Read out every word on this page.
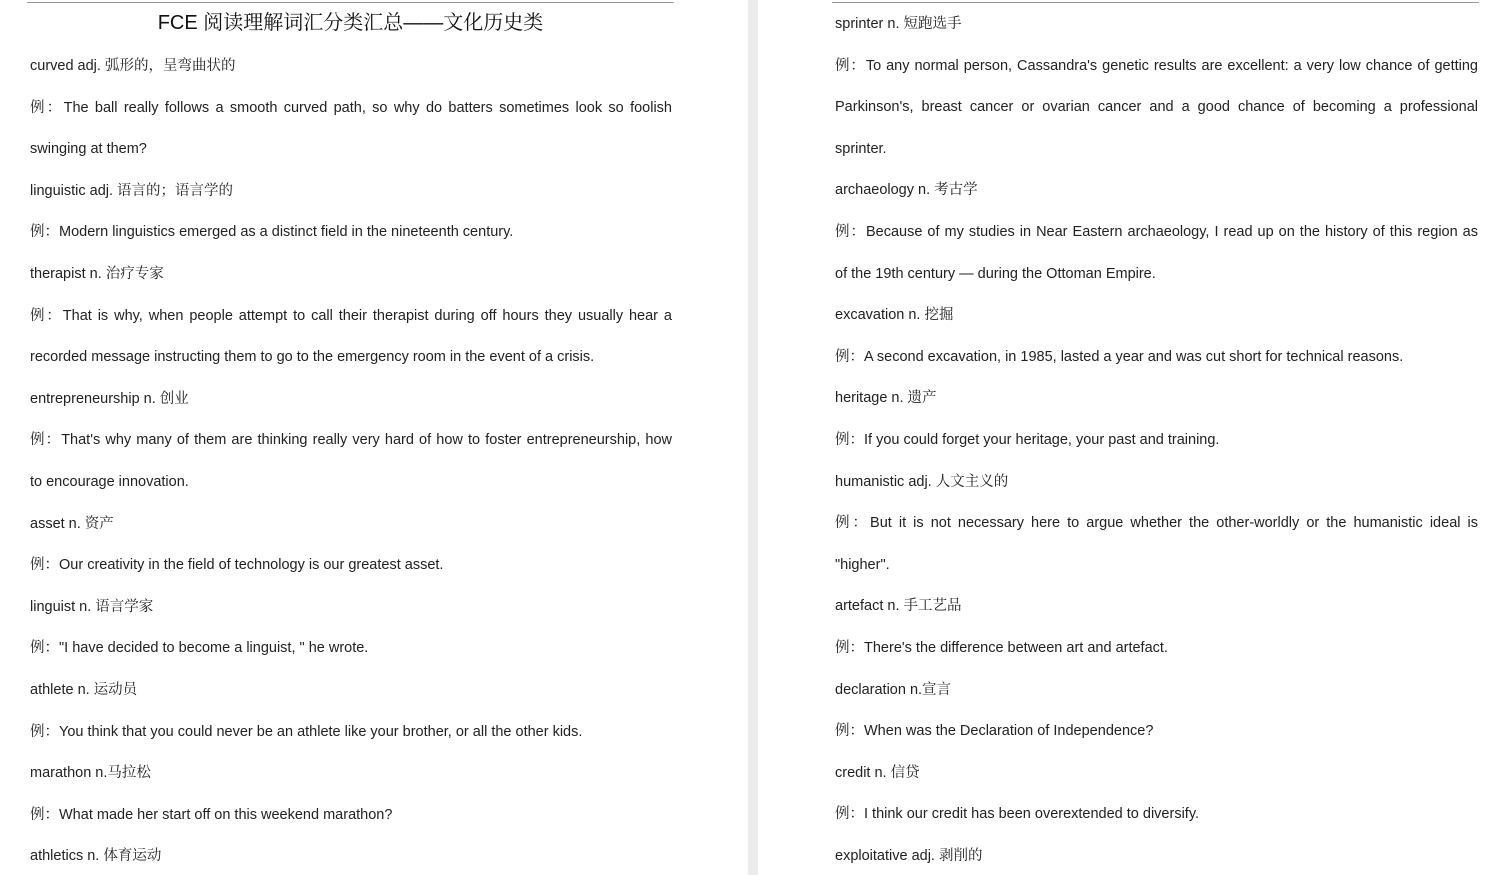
FCE 阅读理解词汇分类汇总——文化历史类
curved adj. 弧形的，呈弯曲状的
例：The ball really follows a smooth curved path, so why do batters sometimes look so foolish
swinging at them?
linguistic adj. 语言的；语言学的
例：Modern linguistics emerged as a distinct field in the nineteenth century.
therapist n. 治疗专家
例：That is why, when people attempt to call their therapist during off hours they usually hear a
recorded message instructing them to go to the emergency room in the event of a crisis.
entrepreneurship n. 创业
例：That's why many of them are thinking really very hard of how to foster entrepreneurship, how
to encourage innovation.
asset n. 资产
例：Our creativity in the field of technology is our greatest asset.
linguist n. 语言学家
例："I have decided to become a linguist, " he wrote.
athlete n. 运动员
例：You think that you could never be an athlete like your brother, or all the other kids.
marathon n.马拉松
例：What made her start off on this weekend marathon?
athletics n. 体育运动
sprinter n. 短跑选手
例：To any normal person, Cassandra's genetic results are excellent: a very low chance of getting
Parkinson's, breast cancer or ovarian cancer and a good chance of becoming a professional
sprinter.
archaeology n. 考古学
例：Because of my studies in Near Eastern archaeology, I read up on the history of this region as
of the 19th century — during the Ottoman Empire.
excavation n. 挖掘
例：A second excavation, in 1985, lasted a year and was cut short for technical reasons.
heritage n. 遗产
例：If you could forget your heritage, your past and training.
humanistic adj. 人文主义的
例：But it is not necessary here to argue whether the other-worldly or the humanistic ideal is
"higher".
artefact n. 手工艺品
例：There's the difference between art and artefact.
declaration n.宣言
例：When was the Declaration of Independence?
credit n. 信贷
例：I think our credit has been overextended to diversify.
exploitative adj. 剥削的
